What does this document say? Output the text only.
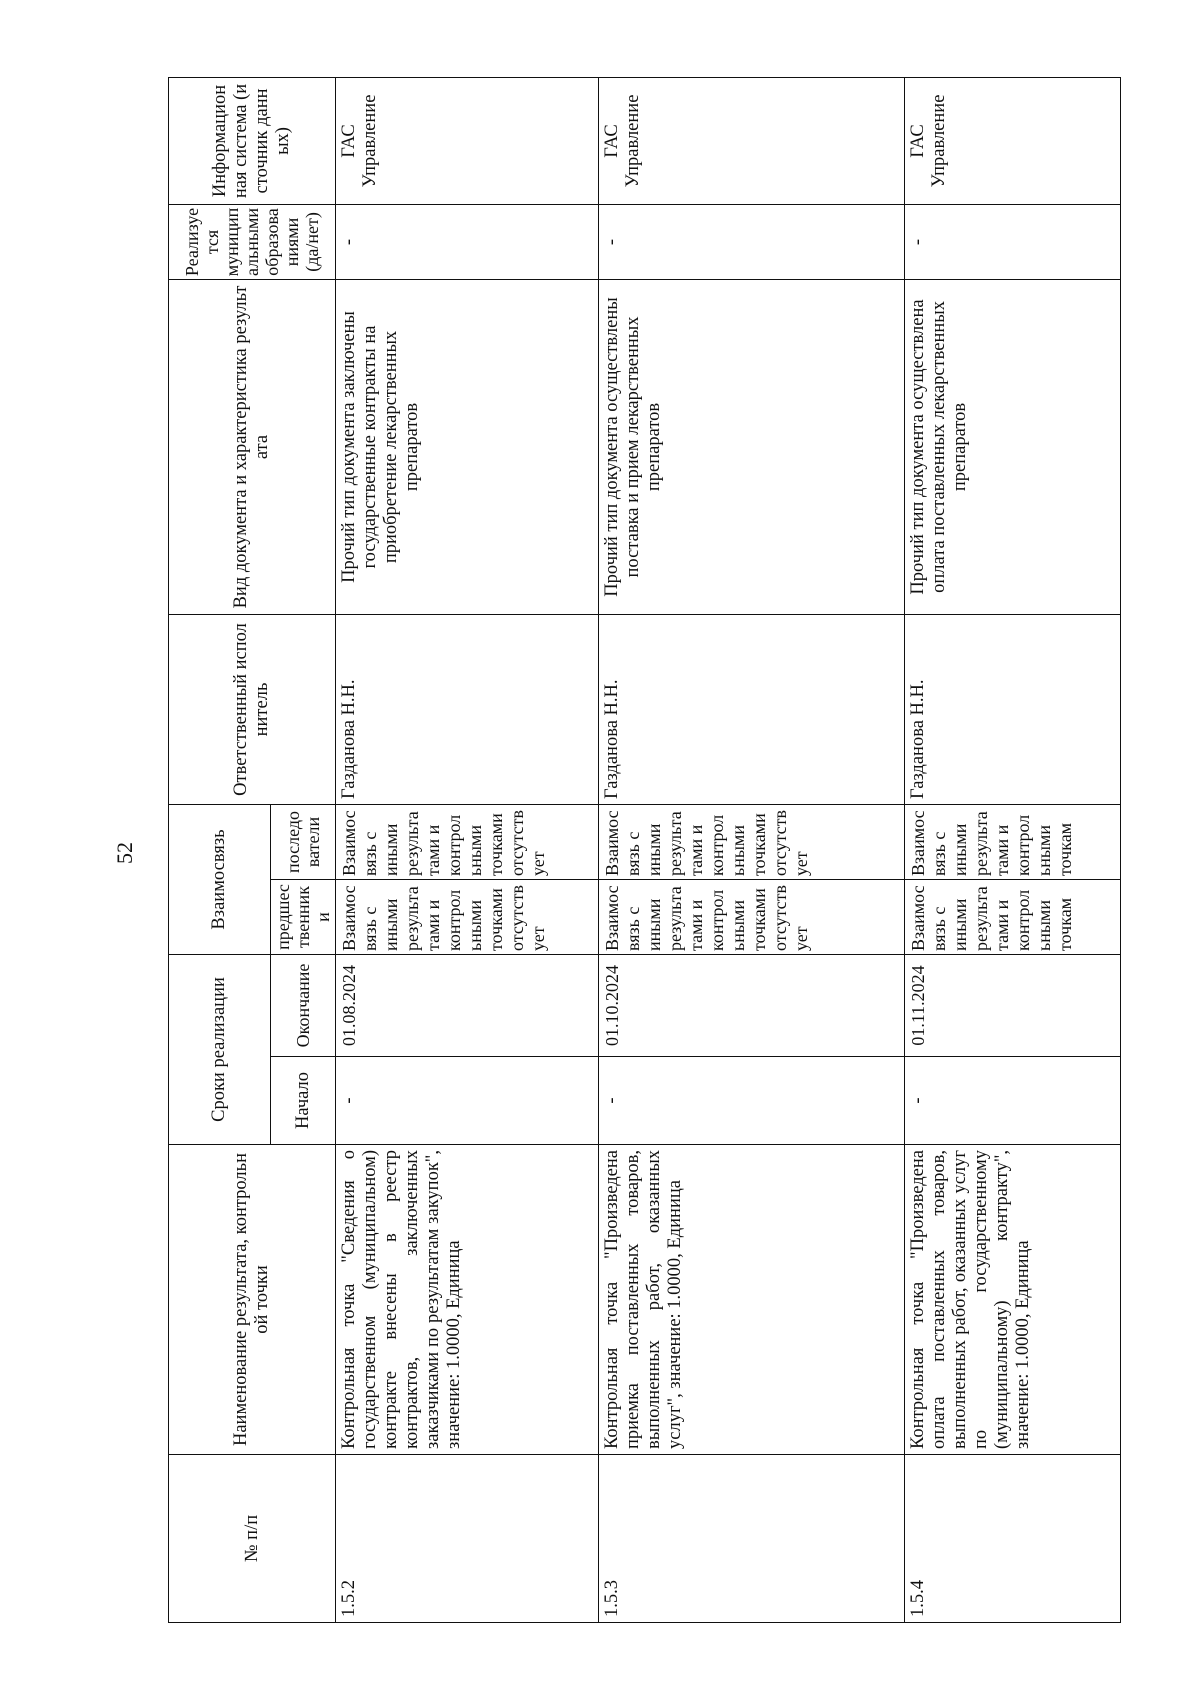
52
№ п/п	Наименование результата, контрольной точки	Сроки реализации		Взаимосвязь		Ответственный исполнитель	Вид документа и характеристика результата	Реализуется муниципальными образованиями (да/нет)	Информационная система (источник данных)
		Начало	Окончание	предшественники	последователи				
1.5.2	Контрольная точка "Сведения о государственном (муниципальном) контракте внесены в реестр контрактов, заключенных заказчиками по результатам закупок", значение: 1.0000, Единица	-	01.08.2024	Взаимосвязь с иными результатами и контрольными точками отсутствует	Взаимосвязь с иными результатами и контрольными точками отсутствует	Газданова Н.Н.	Прочий тип документа заключены государственные контракты на приобретение лекарственных препаратов	-	ГАС Управление
1.5.3	Контрольная точка "Произведена приемка поставленных товаров, выполненных работ, оказанных услуг", значение: 1.0000, Единица	-	01.10.2024	Взаимосвязь с иными результатами и контрольными точками отсутствует	Взаимосвязь с иными результатами и контрольными точками отсутствует	Газданова Н.Н.	Прочий тип документа осуществлены поставка и прием лекарственных препаратов	-	ГАС Управление
1.5.4	Контрольная точка "Произведена оплата поставленных товаров, выполненных работ, оказанных услуг по государственному (муниципальному) контракту", значение: 1.0000, Единица	-	01.11.2024	Взаимосвязь с иными результатами и контрольными точкам	Взаимосвязь с иными результатами и контрольными точкам	Газданова Н.Н.	Прочий тип документа осуществлена оплата поставленных лекарственных препаратов	-	ГАС Управление
